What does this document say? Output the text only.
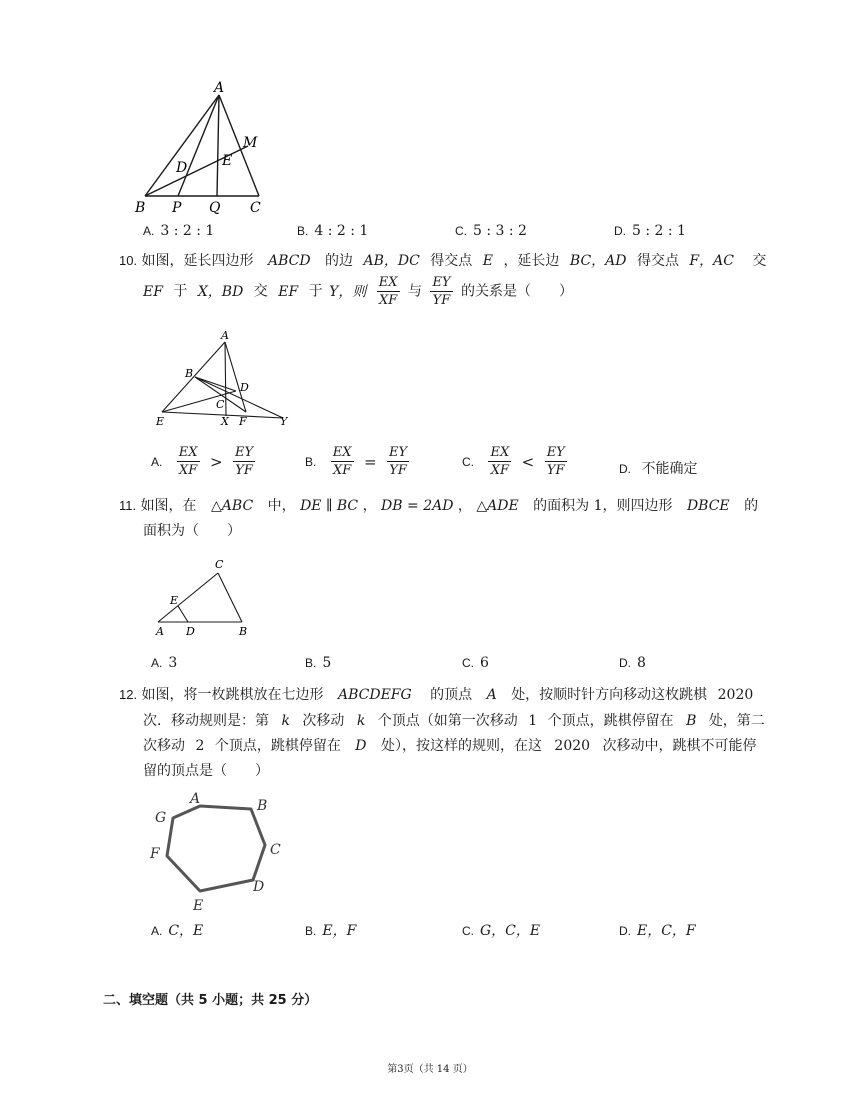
A
M
D E
B P Q C
A. 3 : 2 : 1	B. 4 : 2 : 1	C. 5 : 3 : 2	D. 5 : 2 : 1
10. 如图，延长四边形 ABCD 的边 AB，DC 得交点 E ，延长边 BC，AD 得交点 F，AC 交
EF 于 X，BD 交 EF 于 Y，则 $\frac{EX}{XF}$ 与 $\frac{EY}{YF}$ 的关系是（　　）
A
B
D
C
E	X F	Y
A. $\frac{EX}{XF} > \frac{EY}{YF}$	B. $\frac{EX}{XF} = \frac{EY}{YF}$	C. $\frac{EX}{XF} < \frac{EY}{YF}$	D. 不能确定
11. 如图，在 △ABC 中， DE ∥ BC ， DB = 2AD ， △ADE 的面积为 1，则四边形 DBCE 的
面积为（　　）
C
E
A D	B
A. 3	B. 5	C. 6	D. 8
12. 如图，将一枚跳棋放在七边形 ABCDEFG 的顶点 A 处，按顺时针方向移动这枚跳棋 2020
次．移动规则是：第 k 次移动 k 个顶点（如第一次移动 1 个顶点，跳棋停留在 B 处，第二
次移动 2 个顶点，跳棋停留在 D 处），按这样的规则，在这 2020 次移动中，跳棋不可能停
留的顶点是（　　）
A	B
C
D
E
F
G
A. C，E	B. E，F	C. G，C，E	D. E，C，F
二、填空题（共 5 小题；共 25 分）
第3页（共 14 页）
